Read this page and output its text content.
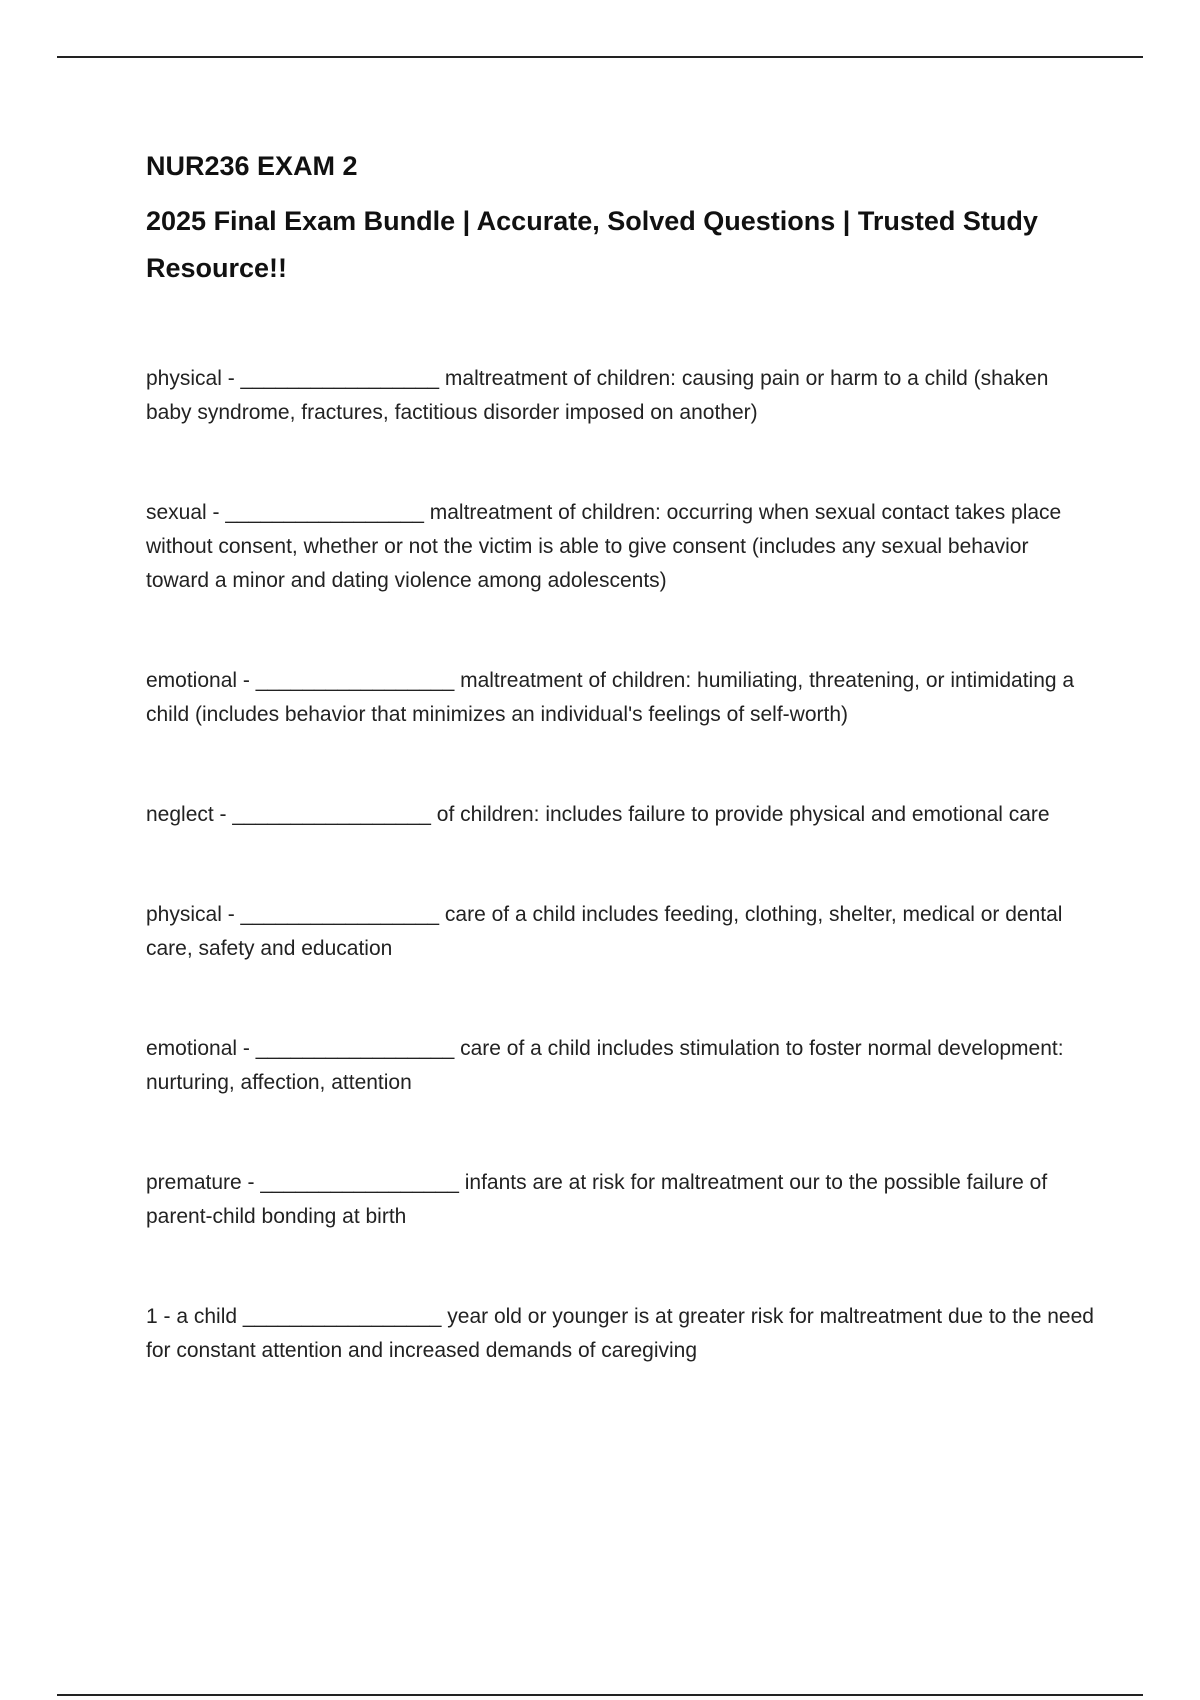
NUR236 EXAM 2
2025 Final Exam Bundle | Accurate, Solved Questions | Trusted Study Resource!!

physical - _________________ maltreatment of children: causing pain or harm to a child (shaken baby syndrome, fractures, factitious disorder imposed on another)

sexual - _________________ maltreatment of children: occurring when sexual contact takes place without consent, whether or not the victim is able to give consent (includes any sexual behavior toward a minor and dating violence among adolescents)

emotional - _________________ maltreatment of children: humiliating, threatening, or intimidating a child (includes behavior that minimizes an individual's feelings of self-worth)

neglect - _________________ of children: includes failure to provide physical and emotional care

physical - _________________ care of a child includes feeding, clothing, shelter, medical or dental care, safety and education

emotional - _________________ care of a child includes stimulation to foster normal development: nurturing, affection, attention

premature - _________________ infants are at risk for maltreatment our to the possible failure of parent-child bonding at birth

1 - a child _________________ year old or younger is at greater risk for maltreatment due to the need for constant attention and increased demands of caregiving
